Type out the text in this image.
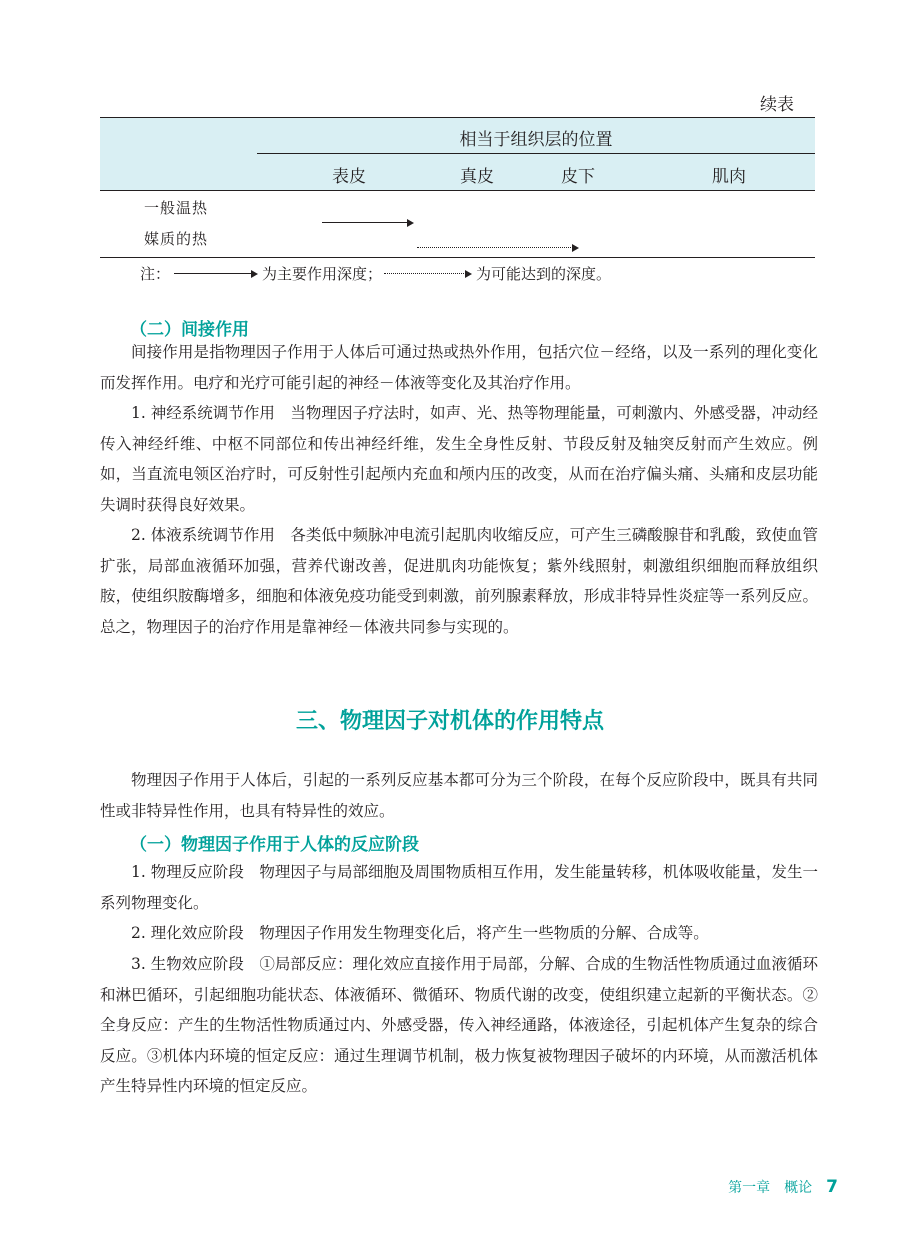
续表
相当于组织层的位置
表皮	真皮	皮下	肌肉
一般温热

媒质的热
注：	为主要作用深度；	为可能达到的深度。
（二）间接作用
间接作用是指物理因子作用于人体后可通过热或热外作用，包括穴位－经络，以及一系列的理化变化而发挥作用。电疗和光疗可能引起的神经－体液等变化及其治疗作用。
1. 神经系统调节作用　当物理因子疗法时，如声、光、热等物理能量，可刺激内、外感受器，冲动经传入神经纤维、中枢不同部位和传出神经纤维，发生全身性反射、节段反射及轴突反射而产生效应。例如，当直流电领区治疗时，可反射性引起颅内充血和颅内压的改变，从而在治疗偏头痛、头痛和皮层功能失调时获得良好效果。
2. 体液系统调节作用　各类低中频脉冲电流引起肌肉收缩反应，可产生三磷酸腺苷和乳酸，致使血管扩张，局部血液循环加强，营养代谢改善，促进肌肉功能恢复；紫外线照射，刺激组织细胞而释放组织胺，使组织胺酶增多，细胞和体液免疫功能受到刺激，前列腺素释放，形成非特异性炎症等一系列反应。总之，物理因子的治疗作用是靠神经－体液共同参与实现的。
三、物理因子对机体的作用特点
物理因子作用于人体后，引起的一系列反应基本都可分为三个阶段，在每个反应阶段中，既具有共同性或非特异性作用，也具有特异性的效应。
（一）物理因子作用于人体的反应阶段
1. 物理反应阶段　物理因子与局部细胞及周围物质相互作用，发生能量转移，机体吸收能量，发生一系列物理变化。
2. 理化效应阶段　物理因子作用发生物理变化后，将产生一些物质的分解、合成等。
3. 生物效应阶段　①局部反应：理化效应直接作用于局部，分解、合成的生物活性物质通过血液循环和淋巴循环，引起细胞功能状态、体液循环、微循环、物质代谢的改变，使组织建立起新的平衡状态。②全身反应：产生的生物活性物质通过内、外感受器，传入神经通路，体液途径，引起机体产生复杂的综合反应。③机体内环境的恒定反应：通过生理调节机制，极力恢复被物理因子破坏的内环境，从而激活机体产生特异性内环境的恒定反应。
第一章　概论 7
